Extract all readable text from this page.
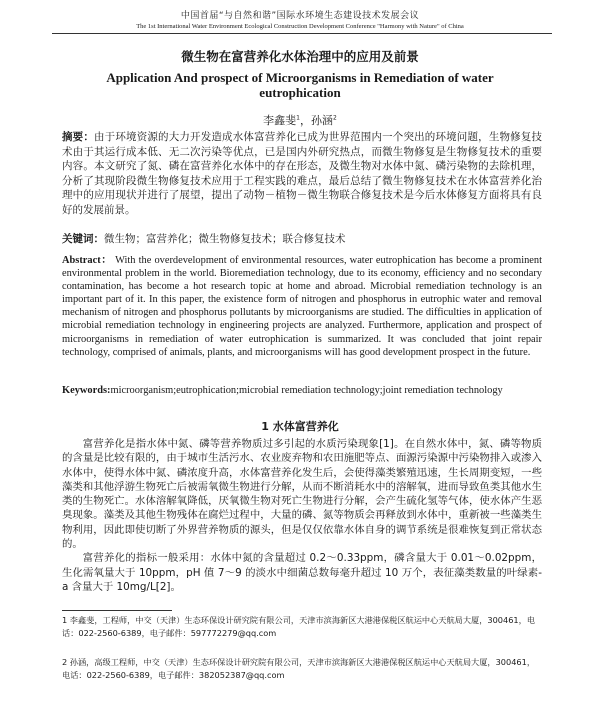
中国首届“与自然和谐”国际水环境生态建设技术发展会议
The 1st International Water Environment Ecological Construction Development Conference "Harmony with Nature" of China
微生物在富营养化水体治理中的应用及前景
Application And prospect of Microorganisms in Remediation of water eutrophication
李鑫斐$^1$，孙涵$^2$
摘要：由于环境资源的大力开发造成水体富营养化已成为世界范围内一个突出的环境问题，生物修复技术由于其运行成本低、无二次污染等优点，已是国内外研究热点，而微生物修复是生物修复技术的重要内容。本文研究了氮、磷在富营养化水体中的存在形态，及微生物对水体中氮、磷污染物的去除机理，分析了其现阶段微生物修复技术应用于工程实践的难点，最后总结了微生物修复技术在水体富营养化治理中的应用现状并进行了展望，提出了动物－植物－微生物联合修复技术是今后水体修复方面将具有良好的发展前景。
关键词：微生物；富营养化；微生物修复技术；联合修复技术
Abstract： With the overdevelopment of environmental resources, water eutrophication has become a prominent environmental problem in the world. Bioremediation technology, due to its economy, efficiency and no secondary contamination, has become a hot research topic at home and abroad. Microbial remediation technology is an important part of it. In this paper, the existence form of nitrogen and phosphorus in eutrophic water and removal mechanism of nitrogen and phosphorus pollutants by microorganisms are studied. The difficulties in application of microbial remediation technology in engineering projects are analyzed. Furthermore, application and prospect of microorganisms in remediation of water eutrophication is summarized. It was concluded that joint repair technology, comprised of animals, plants, and microorganisms will has good development prospect in the future.
Keywords:microorganism;eutrophication;microbial remediation technology;joint remediation technology
1 水体富营养化

富营养化是指水体中氮、磷等营养物质过多引起的水质污染现象[1]。在自然水体中，氮、磷等物质的含量是比较有限的，由于城市生活污水、农业废弃物和农田施肥等点、面源污染源中污染物排入或渗入水体中，使得水体中氮、磷浓度升高，水体富营养化发生后，会使得藻类繁殖迅速，生长周期变短，一些藻类和其他浮游生物死亡后被需氧微生物进行分解，从而不断消耗水中的溶解氧，进而导致鱼类其他水生类的生物死亡。水体溶解氧降低，厌氧微生物对死亡生物进行分解，会产生硫化氢等气体，使水体产生恶臭现象。藻类及其他生物残体在腐烂过程中，大量的磷、氮等物质会再释放到水体中，重新被一些藻类生物利用，因此即使切断了外界营养物质的源头，但是仅仅依靠水体自身的调节系统是很难恢复到正常状态的。

富营养化的指标一般采用：水体中氮的含量超过 0.2～0.33ppm，磷含量大于 0.01～0.02ppm，生化需氧量大于 10ppm，pH 值 7～9 的淡水中细菌总数每毫升超过 10 万个，表征藻类数量的叶绿素-a 含量大于 10mg/L[2]。

1 李鑫斐，工程师，中交（天津）生态环保设计研究院有限公司，天津市滨海新区大港港保税区航运中心天航局大厦，300461，电话：022-2560-6389，电子邮件：597772279@qq.com
2 孙涵，高级工程师，中交（天津）生态环保设计研究院有限公司，天津市滨海新区大港港保税区航运中心天航局大厦，300461，电话：022-2560-6389，电子邮件：382052387@qq.com
